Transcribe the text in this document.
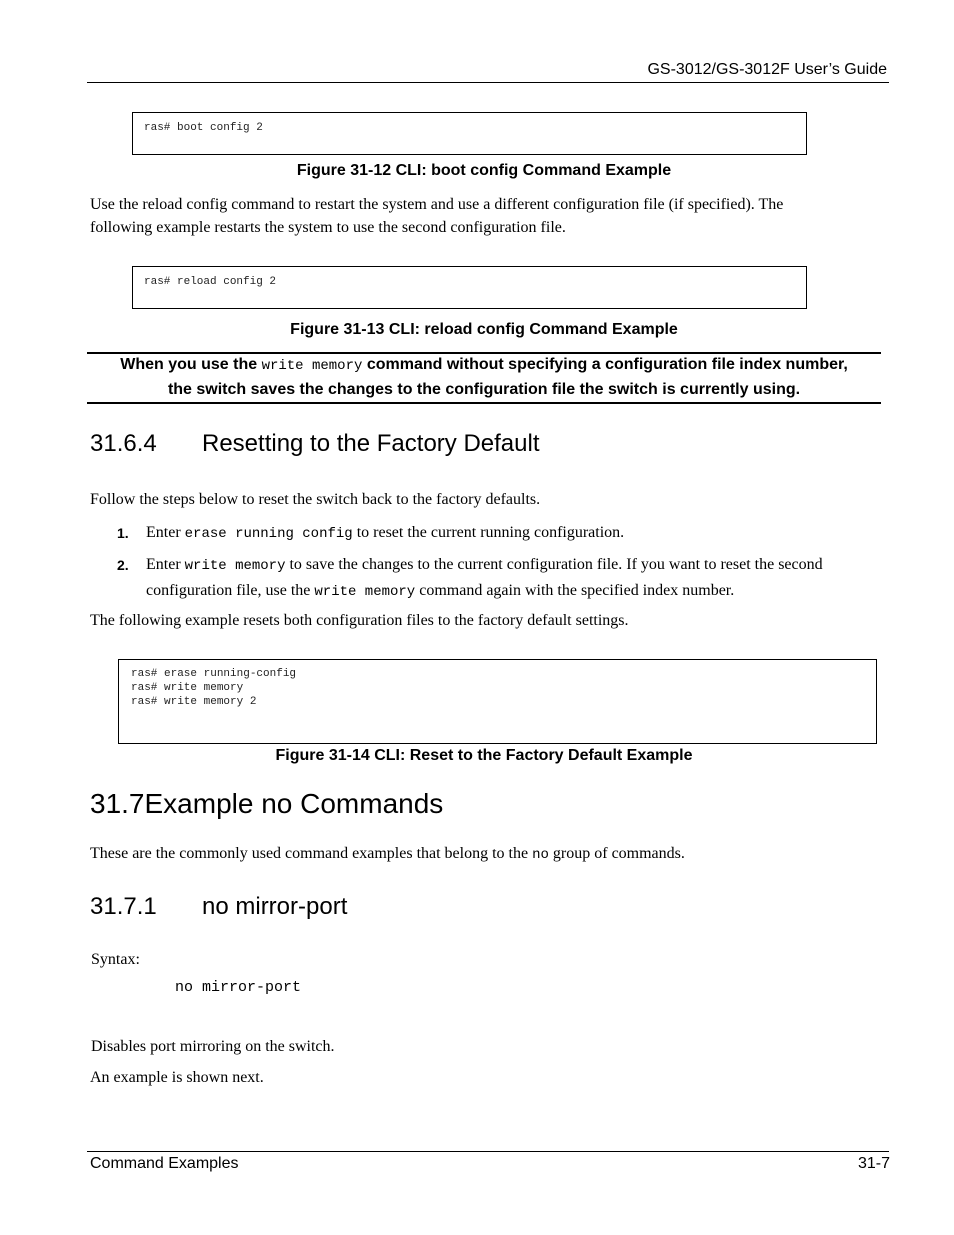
GS-3012/GS-3012F User’s Guide
ras# boot config 2
Figure 31-12 CLI: boot config Command Example
Use the reload config command to restart the system and use a different configuration file (if specified). The
following example restarts the system to use the second configuration file.
ras# reload config 2
Figure 31-13 CLI: reload config Command Example
When you use the write memory command without specifying a configuration file index number,
the switch saves the changes to the configuration file the switch is currently using.
31.6.4 Resetting to the Factory Default
Follow the steps below to reset the switch back to the factory defaults.
1. Enter erase running config to reset the current running configuration.
2. Enter write memory to save the changes to the current configuration file. If you want to reset the second
configuration file, use the write memory command again with the specified index number.
The following example resets both configuration files to the factory default settings.
ras# erase running-config
ras# write memory
ras# write memory 2
Figure 31-14 CLI: Reset to the Factory Default Example
31.7Example no Commands
These are the commonly used command examples that belong to the no group of commands.
31.7.1 no mirror-port
Syntax:
no mirror-port
Disables port mirroring on the switch.
An example is shown next.
Command Examples	31-7
